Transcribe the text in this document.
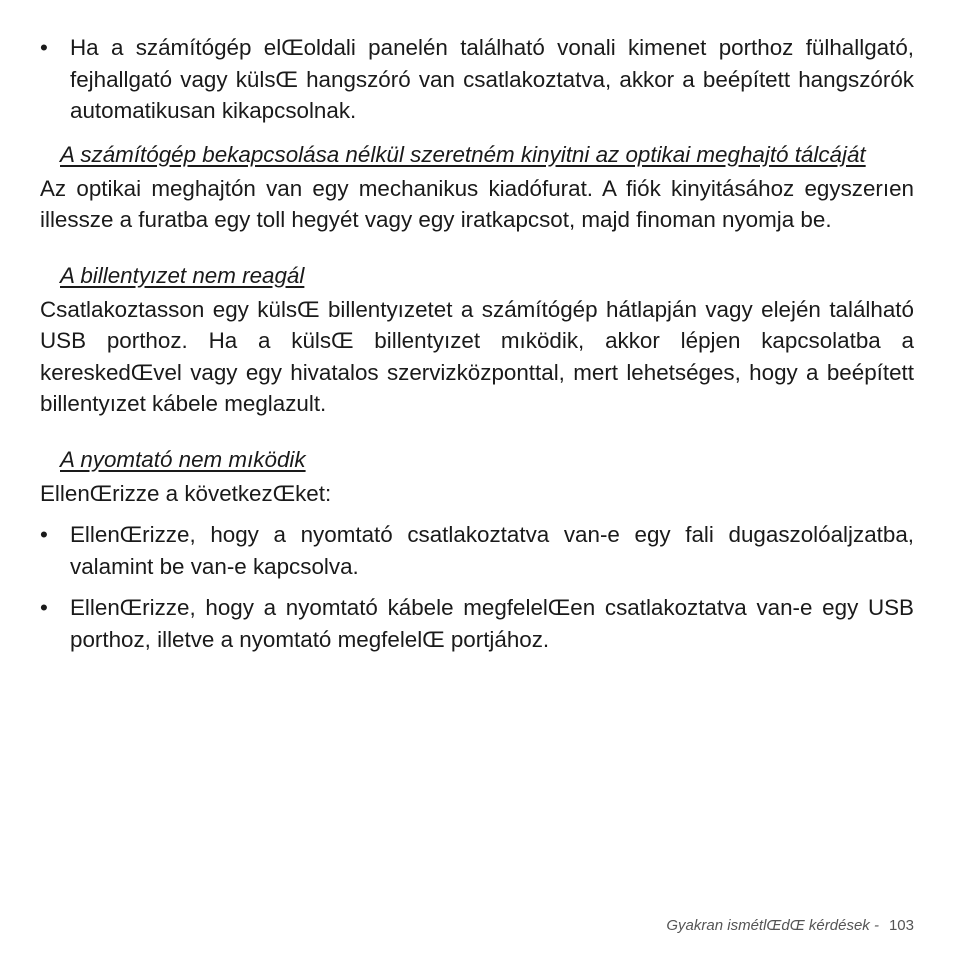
• Ha a számítógép elŒoldali panelén található vonali kimenet porthoz fülhallgató, fejhallgató vagy külsŒ hangszóró van csatlakoztatva, akkor a beépített hangszórók automatikusan kikapcsolnak.
A számítógép bekapcsolása nélkül szeretném kinyitni az optikai meghajtó tálcáját
Az optikai meghajtón van egy mechanikus kiadófurat. A fiók kinyitásához egyszerıen illessze a furatba egy toll hegyét vagy egy iratkapcsot, majd finoman nyomja be.
A billentyızet nem reagál
Csatlakoztasson egy külsŒ billentyızetet a számítógép hátlapján vagy elején található USB porthoz. Ha a külsŒ billentyızet mıködik, akkor lépjen kapcsolatba a kereskedŒvel vagy egy hivatalos szervizközponttal, mert lehetséges, hogy a beépített billentyızet kábele meglazult.
A nyomtató nem mıködik
EllenŒrizze a következŒket:
• EllenŒrizze, hogy a nyomtató csatlakoztatva van-e egy fali dugaszolóaljzatba, valamint be van-e kapcsolva.
• EllenŒrizze, hogy a nyomtató kábele megfelelŒen csatlakoztatva van-e egy USB porthoz, illetve a nyomtató megfelelŒ portjához.
Gyakran ismétlŒdŒ kérdések - 103
